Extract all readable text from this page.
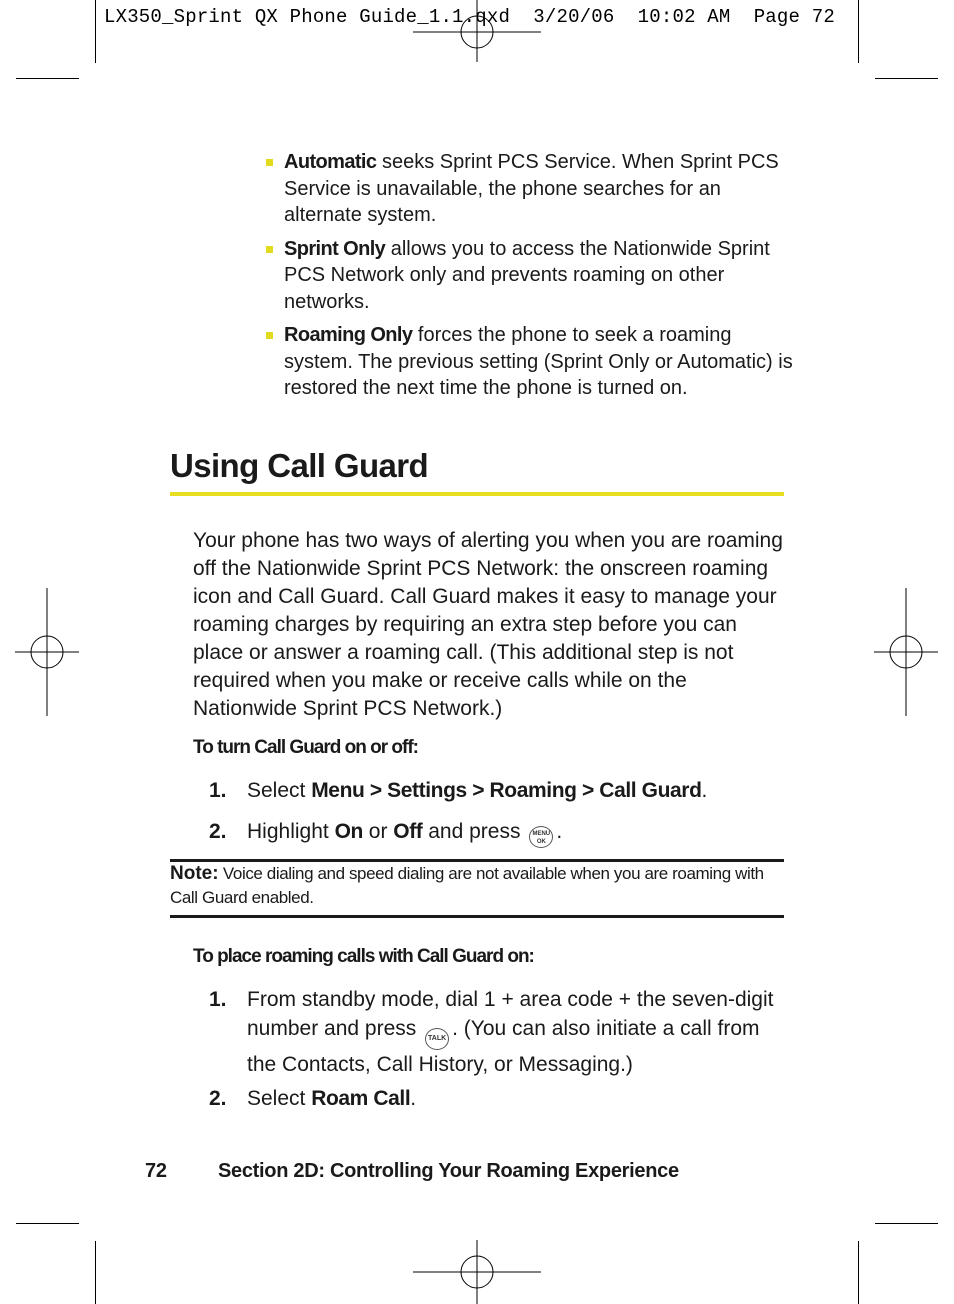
LX350_Sprint QX Phone Guide_1.1.qxd  3/20/06  10:02 AM  Page 72
Automatic seeks Sprint PCS Service. When Sprint PCS Service is unavailable, the phone searches for an alternate system.
Sprint Only allows you to access the Nationwide Sprint PCS Network only and prevents roaming on other networks.
Roaming Only forces the phone to seek a roaming system. The previous setting (Sprint Only or Automatic) is restored the next time the phone is turned on.
Using Call Guard

Your phone has two ways of alerting you when you are roaming off the Nationwide Sprint PCS Network: the onscreen roaming icon and Call Guard. Call Guard makes it easy to manage your roaming charges by requiring an extra step before you can place or answer a roaming call. (This additional step is not required when you make or receive calls while on the Nationwide Sprint PCS Network.)

To turn Call Guard on or off:

1. Select Menu > Settings > Roaming > Call Guard.
2. Highlight On or Off and press MENU
OK .
Note: Voice dialing and speed dialing are not available when you are roaming with Call Guard enabled.

To place roaming calls with Call Guard on:

1. From standby mode, dial 1 + area code + the seven-digit number and press TALK . (You can also initiate a call from the Contacts, Call History, or Messaging.)
2. Select Roam Call.
72	Section 2D: Controlling Your Roaming Experience
